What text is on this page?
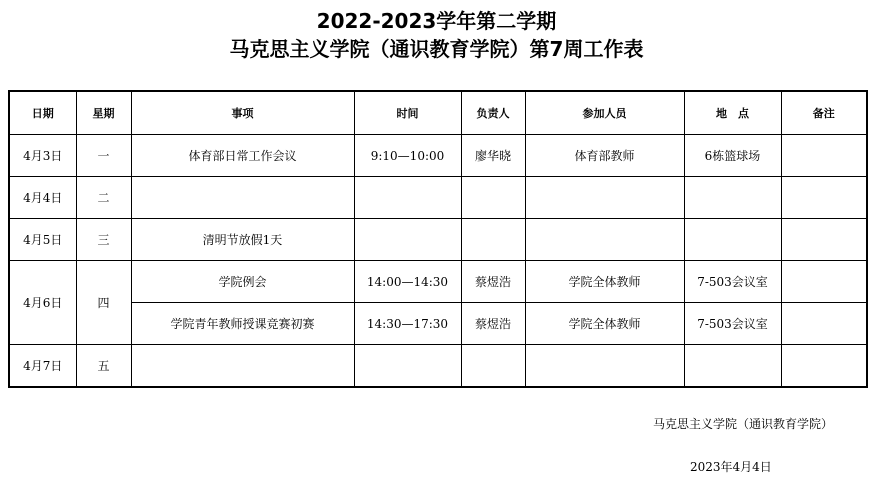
2022-2023学年第二学期
马克思主义学院（通识教育学院）第7周工作表
日期	星期	事项	时间	负责人	参加人员	地　点	备注
4月3日	一	体育部日常工作会议	9:10—10:00	廖华晓	体育部教师	6栋篮球场	
4月4日	二						
4月5日	三	清明节放假1天					
4月6日	四	学院例会	14:00—14:30	蔡煜浩	学院全体教师	7-503会议室	
		学院青年教师授课竞赛初赛	14:30—17:30	蔡煜浩	学院全体教师	7-503会议室	
4月7日	五						
马克思主义学院（通识教育学院）
2023年4月4日
